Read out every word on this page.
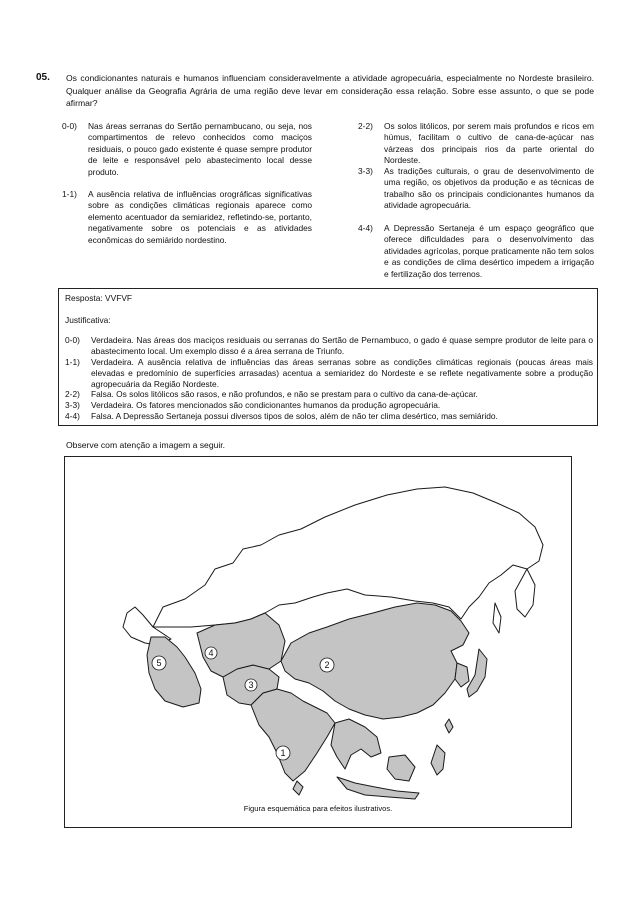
05. Os condicionantes naturais e humanos influenciam consideravelmente a atividade agropecuária, especialmente no Nordeste brasileiro. Qualquer análise da Geografia Agrária de uma região deve levar em consideração essa relação. Sobre esse assunto, o que se pode afirmar?
0-0) Nas áreas serranas do Sertão pernambucano, ou seja, nos compartimentos de relevo conhecidos como maciços residuais, o pouco gado existente é quase sempre produtor de leite e responsável pelo abastecimento local desse produto.
1-1) A ausência relativa de influências orográficas significativas sobre as condições climáticas regionais aparece como elemento acentuador da semiaridez, refletindo-se, portanto, negativamente sobre os potenciais e as atividades econômicas do semiárido nordestino.
2-2) Os solos litólicos, por serem mais profundos e ricos em húmus, facilitam o cultivo de cana-de-açúcar nas várzeas dos principais rios da parte oriental do Nordeste.
3-3) As tradições culturais, o grau de desenvolvimento de uma região, os objetivos da produção e as técnicas de trabalho são os principais condicionantes humanos da atividade agropecuária.
4-4) A Depressão Sertaneja é um espaço geográfico que oferece dificuldades para o desenvolvimento das atividades agrícolas, porque praticamente não tem solos e as condições de clima desértico impedem a irrigação e fertilização dos terrenos.
Resposta: VVFVF
Justificativa:
0-0) Verdadeira. Nas áreas dos maciços residuais ou serranas do Sertão de Pernambuco, o gado é quase sempre produtor de leite para o abastecimento local. Um exemplo disso é a área serrana de Triunfo.
1-1) Verdadeira. A ausência relativa de influências das áreas serranas sobre as condições climáticas regionais (poucas áreas mais elevadas e predomínio de superfícies arrasadas) acentua a semiaridez do Nordeste e se reflete negativamente sobre a produção agropecuária da Região Nordeste.
2-2) Falsa. Os solos litólicos são rasos, e não profundos, e não se prestam para o cultivo da cana-de-açúcar.
3-3) Verdadeira. Os fatores mencionados são condicionantes humanos da produção agropecuária.
4-4) Falsa. A Depressão Sertaneja possui diversos tipos de solos, além de não ter clima desértico, mas semiárido.
Observe com atenção a imagem a seguir.
1
2
3
4
5
Figura esquemática para efeitos ilustrativos.
